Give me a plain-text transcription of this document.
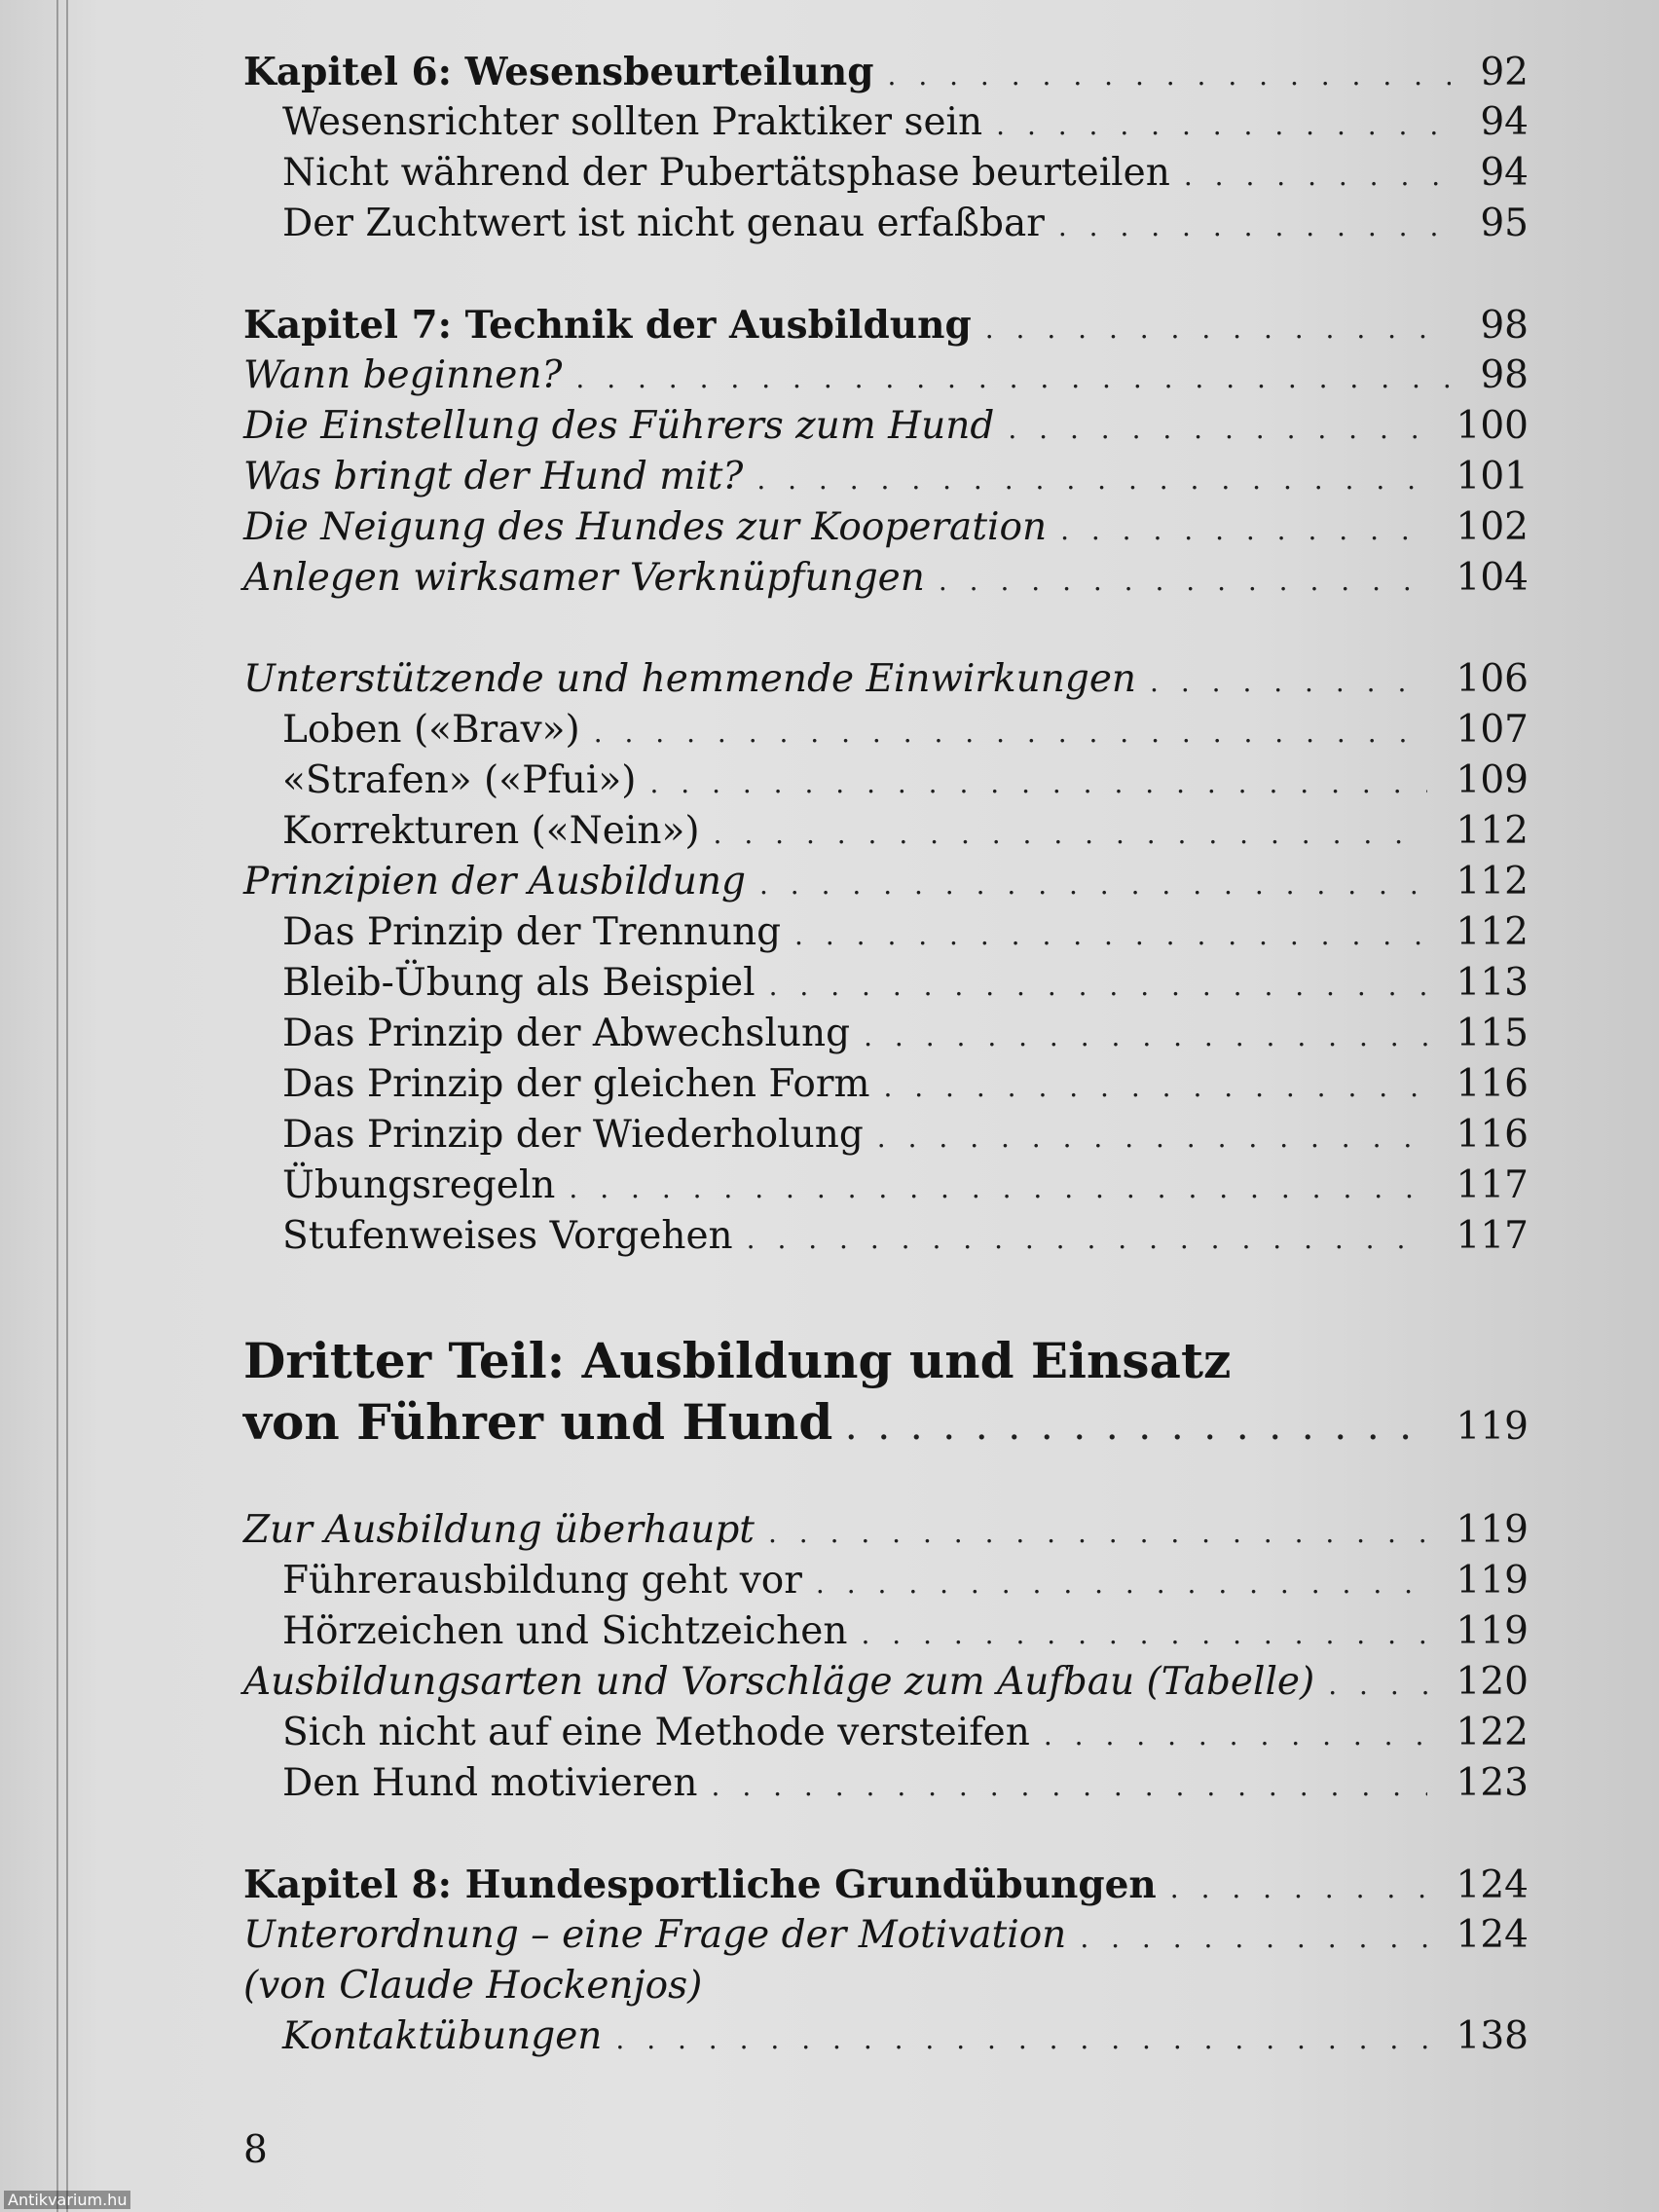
Kapitel 6: Wesensbeurteilung . . .	92
Wesensrichter sollten Praktiker sein . . .	94
Nicht während der Pubertätsphase beurteilen . . .	94
Der Zuchtwert ist nicht genau erfaßbar . . .	95
Kapitel 7: Technik der Ausbildung . . .	98
Wann beginnen? . . .	98
Die Einstellung des Führers zum Hund . . .	100
Was bringt der Hund mit? . . .	101
Die Neigung des Hundes zur Kooperation . . .	102
Anlegen wirksamer Verknüpfungen . . .	104
Unterstützende und hemmende Einwirkungen . . .	106
Loben («Brav») . . .	107
«Strafen» («Pfui») . . .	109
Korrekturen («Nein») . . .	112
Prinzipien der Ausbildung . . .	112
Das Prinzip der Trennung . . .	112
Bleib-Übung als Beispiel . . .	113
Das Prinzip der Abwechslung . . .	115
Das Prinzip der gleichen Form . . .	116
Das Prinzip der Wiederholung . . .	116
Übungsregeln . . .	117
Stufenweises Vorgehen . . .	117
Dritter Teil: Ausbildung und Einsatz
von Führer und Hund . . .	119
Zur Ausbildung überhaupt . . .	119
Führerausbildung geht vor . . .	119
Hörzeichen und Sichtzeichen . . .	119
Ausbildungsarten und Vorschläge zum Aufbau (Tabelle) . . .	120
Sich nicht auf eine Methode versteifen . . .	122
Den Hund motivieren . . .	123
Kapitel 8: Hundesportliche Grundübungen . . .	124
Unterordnung – eine Frage der Motivation . . .	124
(von Claude Hockenjos)
Kontaktübungen . . .	138
8
Antikvarium.hu
